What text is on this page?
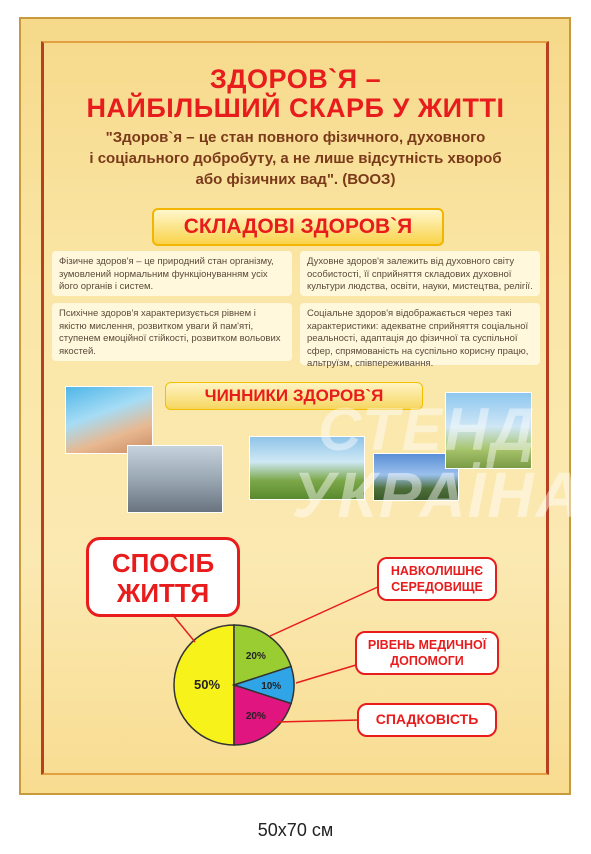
ЗДОРОВ`Я –
НАЙБІЛЬШИЙ СКАРБ У ЖИТТІ
"Здоров`я – це стан повного фізичного, духовного
і соціального добробуту, а не лише відсутність хвороб
або фізичних вад". (ВООЗ)
СКЛАДОВІ ЗДОРОВ`Я
Фізичне здоров'я – це природний стан організму, зумовлений нормальним функціонуванням усіх його органів і систем.
Духовне здоров'я залежить від духовного світу особистості, її сприйняття складових духовної культури людства, освіти, науки, мистецтва, релігії.
Психічне здоров'я характеризується рівнем і якістю мислення, розвитком уваги й пам'яті, ступенем емоційної стійкості, розвитком вольових якостей.
Соціальне здоров'я відображається через такі характеристики: адекватне сприйняття соціальної реальності, адаптація до фізичної та суспільної сфер, спрямованість на суспільно корисну працю, альтруїзм, співпереживання.
ЧИННИКИ ЗДОРОВ`Я
СТЕНД
УКРАЇНА
СПОСІБ
ЖИТТЯ
50%
20%
10%
20%
НАВКОЛИШНЄ
СЕРЕДОВИЩЕ
РІВЕНЬ МЕДИЧНОЇ
ДОПОМОГИ
СПАДКОВІСТЬ
50x70 см
